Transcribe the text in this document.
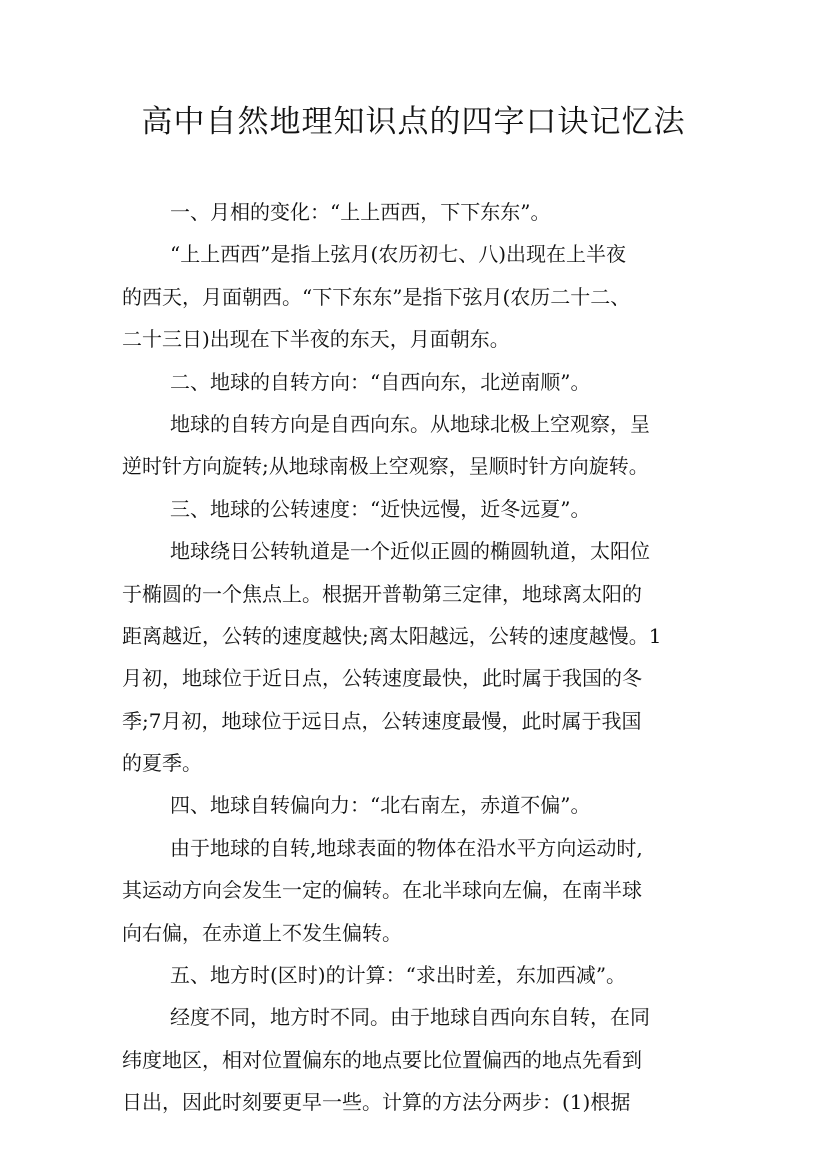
高中自然地理知识点的四字口诀记忆法
一、月相的变化：“上上西西，下下东东”。
“上上西西”是指上弦月(农历初七、八)出现在上半夜
的西天，月面朝西。“下下东东”是指下弦月(农历二十二、
二十三日)出现在下半夜的东天，月面朝东。
二、地球的自转方向：“自西向东，北逆南顺”。
地球的自转方向是自西向东。从地球北极上空观察，呈
逆时针方向旋转;从地球南极上空观察，呈顺时针方向旋转。
三、地球的公转速度：“近快远慢，近冬远夏”。
地球绕日公转轨道是一个近似正圆的椭圆轨道，太阳位
于椭圆的一个焦点上。根据开普勒第三定律，地球离太阳的
距离越近，公转的速度越快;离太阳越远，公转的速度越慢。1
月初，地球位于近日点，公转速度最快，此时属于我国的冬
季;7月初，地球位于远日点，公转速度最慢，此时属于我国
的夏季。
四、地球自转偏向力：“北右南左，赤道不偏”。
由于地球的自转,地球表面的物体在沿水平方向运动时,
其运动方向会发生一定的偏转。在北半球向左偏，在南半球
向右偏，在赤道上不发生偏转。
五、地方时(区时)的计算：“求出时差，东加西减”。
经度不同，地方时不同。由于地球自西向东自转，在同
纬度地区，相对位置偏东的地点要比位置偏西的地点先看到
日出，因此时刻要更早一些。计算的方法分两步：(1)根据
